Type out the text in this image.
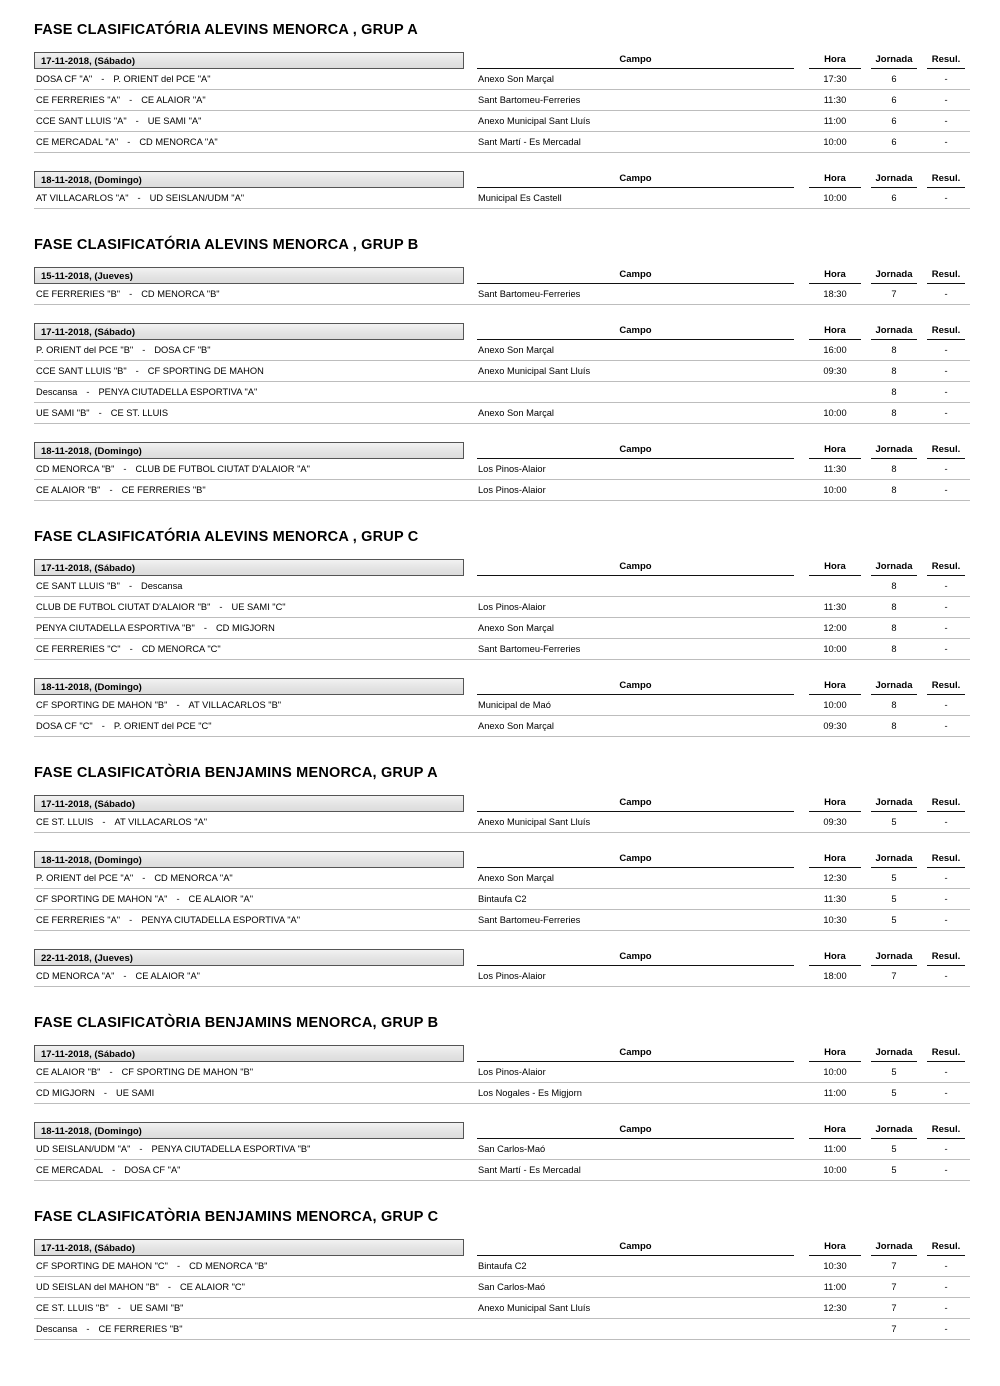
FASE CLASIFICATÓRIA ALEVINS MENORCA , GRUP A
17-11-2018, (Sábado)	Campo	Hora	Jornada	Resul.

DOSA CF "A" - P. ORIENT del PCE "A"	Anexo Son Marçal	17:30	6	-
CE FERRERIES "A" - CE ALAIOR "A"	Sant Bartomeu-Ferreries	11:30	6	-
CCE SANT LLUIS "A" - UE SAMI "A"	Anexo Municipal Sant Lluís	11:00	6	-
CE MERCADAL "A" - CD MENORCA "A"	Sant Martí - Es Mercadal	10:00	6	-
18-11-2018, (Domingo)	Campo	Hora	Jornada	Resul.

AT VILLACARLOS "A" - UD SEISLAN/UDM "A"	Municipal Es Castell	10:00	6	-
FASE CLASIFICATÓRIA ALEVINS MENORCA , GRUP B
15-11-2018, (Jueves)	Campo	Hora	Jornada	Resul.

CE FERRERIES "B" - CD MENORCA "B"	Sant Bartomeu-Ferreries	18:30	7	-
17-11-2018, (Sábado)	Campo	Hora	Jornada	Resul.

P. ORIENT del PCE "B" - DOSA CF "B"	Anexo Son Marçal	16:00	8	-
CCE SANT LLUIS "B" - CF SPORTING DE MAHON	Anexo Municipal Sant Lluís	09:30	8	-
Descansa - PENYA CIUTADELLA ESPORTIVA "A"			8	-
UE SAMI "B" - CE ST. LLUIS	Anexo Son Marçal	10:00	8	-
18-11-2018, (Domingo)	Campo	Hora	Jornada	Resul.

CD MENORCA "B" - CLUB DE FUTBOL CIUTAT D'ALAIOR "A"	Los Pinos-Alaior	11:30	8	-
CE ALAIOR "B" - CE FERRERIES "B"	Los Pinos-Alaior	10:00	8	-
FASE CLASIFICATÓRIA ALEVINS MENORCA , GRUP C
17-11-2018, (Sábado)	Campo	Hora	Jornada	Resul.

CE SANT LLUIS "B" - Descansa			8	-
CLUB DE FUTBOL CIUTAT D'ALAIOR "B" - UE SAMI "C"	Los Pinos-Alaior	11:30	8	-
PENYA CIUTADELLA ESPORTIVA "B" - CD MIGJORN	Anexo Son Marçal	12:00	8	-
CE FERRERIES "C" - CD MENORCA "C"	Sant Bartomeu-Ferreries	10:00	8	-
18-11-2018, (Domingo)	Campo	Hora	Jornada	Resul.

CF SPORTING DE MAHON "B" - AT VILLACARLOS "B"	Municipal de Maó	10:00	8	-
DOSA CF "C" - P. ORIENT del PCE "C"	Anexo Son Marçal	09:30	8	-
FASE CLASIFICATÒRIA BENJAMINS MENORCA, GRUP A
17-11-2018, (Sábado)	Campo	Hora	Jornada	Resul.

CE ST. LLUIS - AT VILLACARLOS "A"	Anexo Municipal Sant Lluís	09:30	5	-
18-11-2018, (Domingo)	Campo	Hora	Jornada	Resul.

P. ORIENT del PCE "A" - CD MENORCA "A"	Anexo Son Marçal	12:30	5	-
CF SPORTING DE MAHON "A" - CE ALAIOR "A"	Bintaufa C2	11:30	5	-
CE FERRERIES "A" - PENYA CIUTADELLA ESPORTIVA "A"	Sant Bartomeu-Ferreries	10:30	5	-
22-11-2018, (Jueves)	Campo	Hora	Jornada	Resul.

CD MENORCA "A" - CE ALAIOR "A"	Los Pinos-Alaior	18:00	7	-
FASE CLASIFICATÒRIA BENJAMINS MENORCA, GRUP B
17-11-2018, (Sábado)	Campo	Hora	Jornada	Resul.

CE ALAIOR "B" - CF SPORTING DE MAHON "B"	Los Pinos-Alaior	10:00	5	-
CD MIGJORN - UE SAMI	Los Nogales - Es Migjorn	11:00	5	-
18-11-2018, (Domingo)	Campo	Hora	Jornada	Resul.

UD SEISLAN/UDM "A" - PENYA CIUTADELLA ESPORTIVA "B"	San Carlos-Maó	11:00	5	-
CE MERCADAL - DOSA CF "A"	Sant Martí - Es Mercadal	10:00	5	-
FASE CLASIFICATÒRIA BENJAMINS MENORCA, GRUP C
17-11-2018, (Sábado)	Campo	Hora	Jornada	Resul.

CF SPORTING DE MAHON "C" - CD MENORCA "B"	Bintaufa C2	10:30	7	-
UD SEISLAN del MAHON "B" - CE ALAIOR "C"	San Carlos-Maó	11:00	7	-
CE ST. LLUIS "B" - UE SAMI "B"	Anexo Municipal Sant Lluís	12:30	7	-
Descansa - CE FERRERIES "B"			7	-
